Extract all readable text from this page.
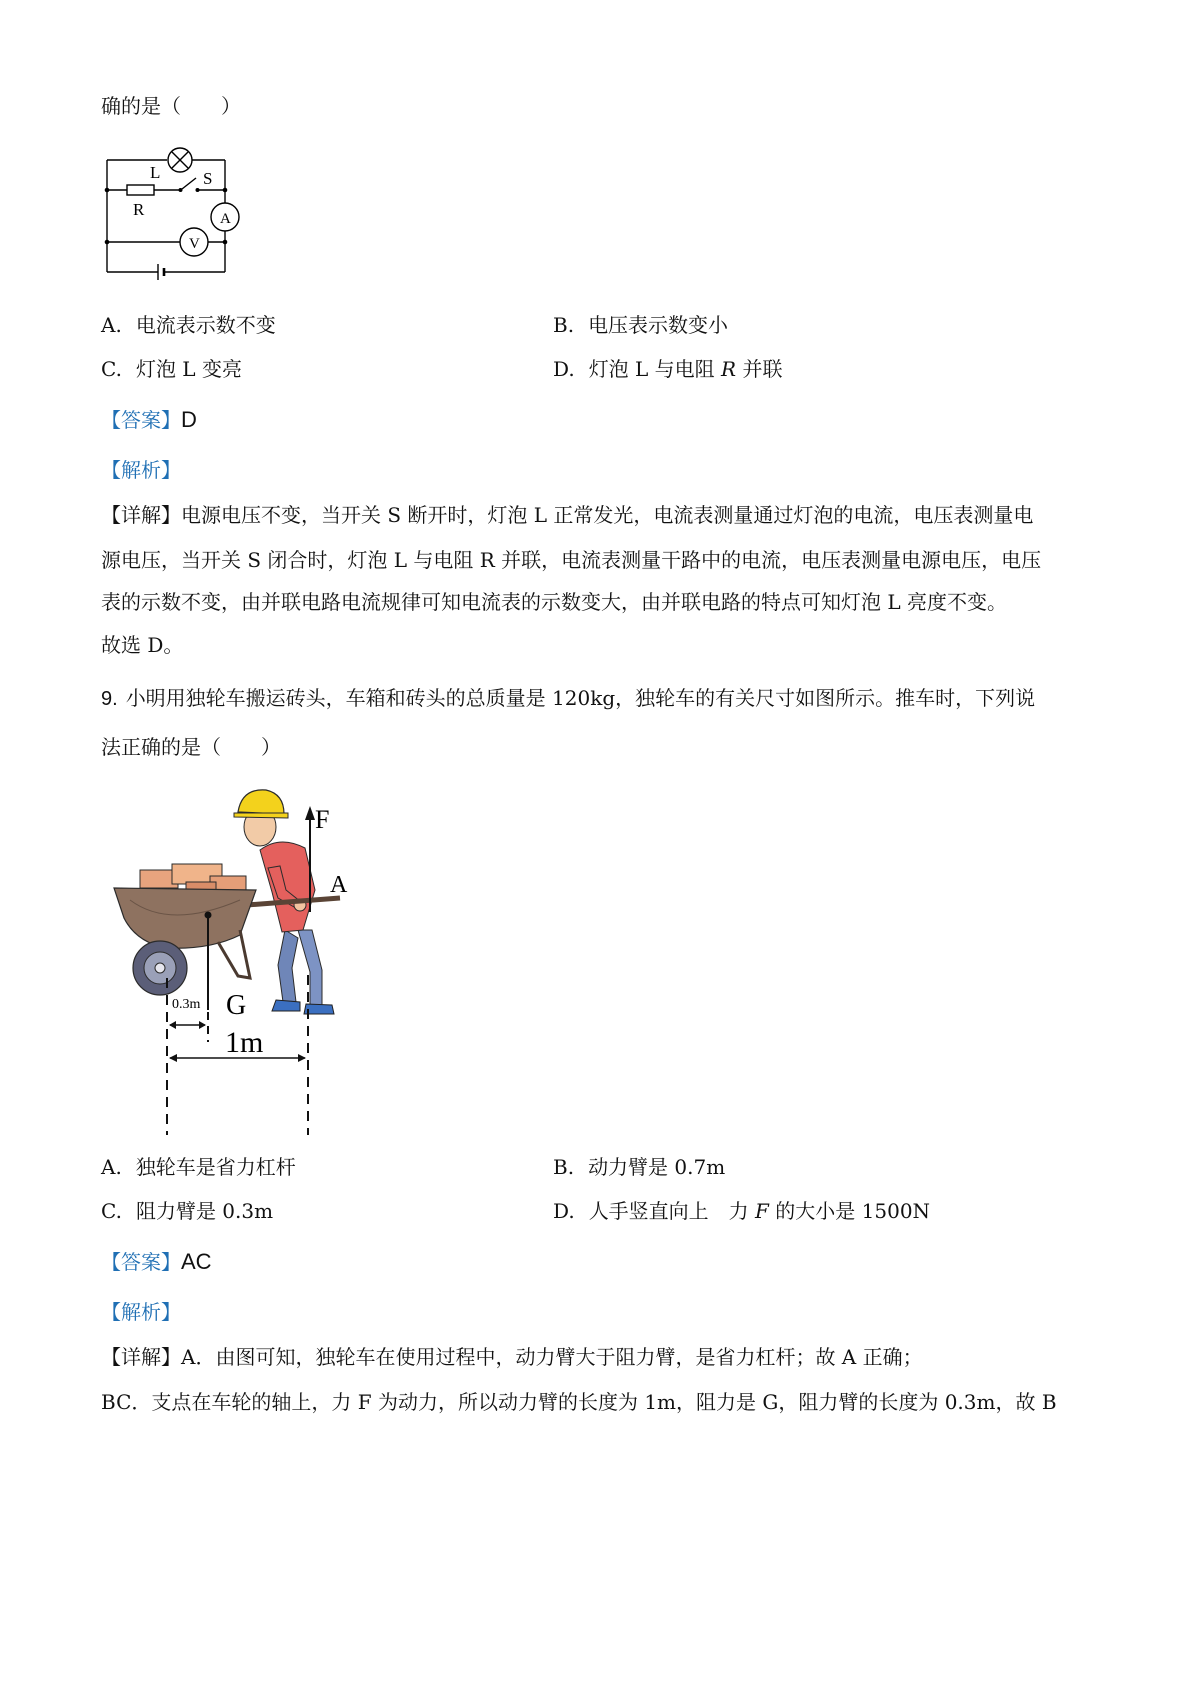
确的是（　　）
L	S
R	A
V
A. 电流表示数不变	B. 电压表示数变小
C. 灯泡 L 变亮	D. 灯泡 L 与电阻 R 并联
【答案】D
【解析】
【详解】电源电压不变，当开关 S 断开时，灯泡 L 正常发光，电流表测量通过灯泡的电流，电压表测量电
源电压，当开关 S 闭合时，灯泡 L 与电阻 R 并联，电流表测量干路中的电流，电压表测量电源电压，电压
表的示数不变，由并联电路电流规律可知电流表的示数变大，由并联电路的特点可知灯泡 L 亮度不变。
故选 D。
9. 小明用独轮车搬运砖头，车箱和砖头的总质量是 120kg，独轮车的有关尺寸如图所示。推车时，下列说
法正确的是（　　）
F
A
G
0.3m
1m
A. 独轮车是省力杠杆	B. 动力臂是 0.7m
C. 阻力臂是 0.3m	D. 人手竖直向上　力 F 的大小是 1500N
【答案】AC
【解析】
【详解】A．由图可知，独轮车在使用过程中，动力臂大于阻力臂，是省力杠杆；故 A 正确；
BC．支点在车轮的轴上，力 F 为动力，所以动力臂的长度为 1m，阻力是 G，阻力臂的长度为 0.3m，故 B
